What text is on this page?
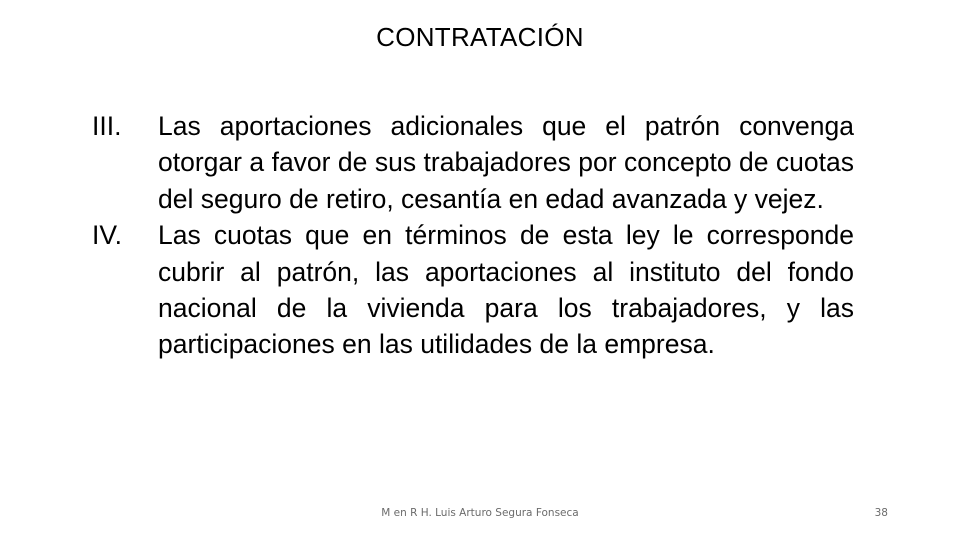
CONTRATACIÓN
III.	Las aportaciones adicionales que el patrón convenga otorgar a favor de sus trabajadores por concepto de cuotas del seguro de retiro, cesantía en edad avanzada y vejez.
IV.	Las cuotas que en términos de esta ley le corresponde cubrir al patrón, las aportaciones al instituto del fondo nacional de la vivienda para los trabajadores, y las participaciones en las utilidades de la empresa.
M en R H. Luis Arturo Segura Fonseca	38
